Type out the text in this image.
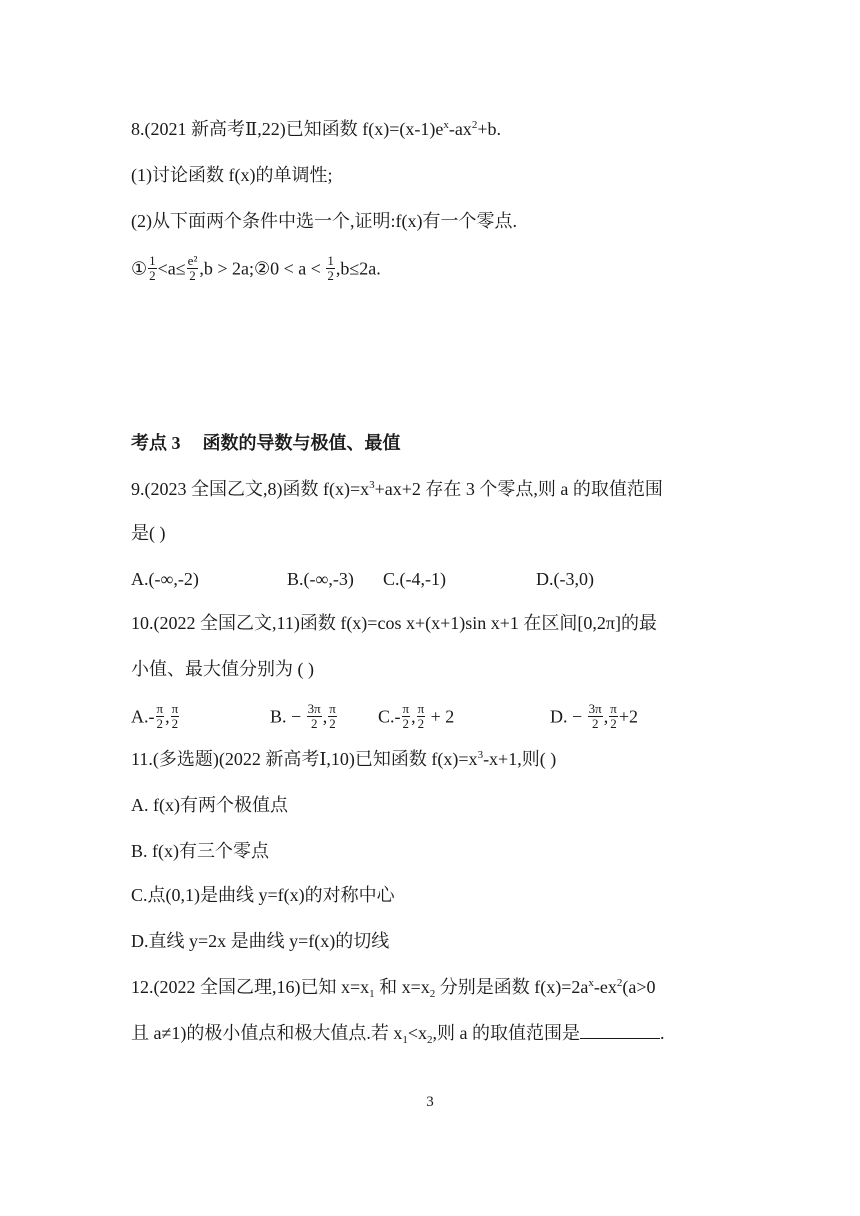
8.(2021 新高考Ⅱ,22)已知函数 $f(x)=(x-1)e^x-ax^2+b$.
(1)讨论函数 f(x)的单调性;
(2)从下面两个条件中选一个,证明:f(x)有一个零点.
① $\frac{1}{2} <a\le \frac{\text{e²}}{2} ,b$ > 2a;②0 < $a < \frac{1}{2} ,b\le 2a$.
考点 3 函数的导数与极值、最值
9.(2023 全国乙文,8)函数 $f(x)=x^3+ax+2$ 存在 3 个零点,则 a 的取值范围
是( )
A.(-∞,-2)	B.(-∞,-3) C.(-4,-1)	D.(-3,0)
10.(2022 全国乙文,11)函数 f(x)=cos x+(x+1)sin x+1 在区间[0,2π]的最
小值、最大值分别为 ( )
$A.- \frac{\pi}{2}$ , $\frac{\pi}{2}$	B. − $\frac{3\pi}{2}$ , $\frac{\pi}{2} C.- \frac{\pi}{2}$ , $\frac{\pi}{2} + 2$	D. − $\frac{3\pi}{2}$ , $\frac{\pi}{2} +2$
11.(多选题)(2022 新高考Ⅰ,10)已知函数 $f(x)=x^3-x+1$,则( )
A. f(x)有两个极值点
B. f(x)有三个零点
C.点(0,1)是曲线 y=f(x)的对称中心
D.直线 y=2x 是曲线 y=f(x)的切线
12.(2022 全国乙理,16)已知 $x=x_1$ 和 $x=x_2$ 分别是函数 $f(x)=2a^x-ex^2(a>0$
且 a≠1)的极小值点和极大值点.若 $x_1<x_2$,则 a 的取值范围是	.
3
